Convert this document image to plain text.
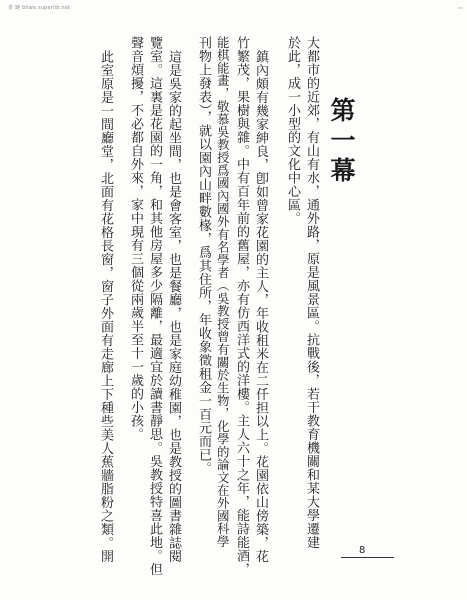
書 鏈 bhwx.superlib.net	··
第一幕
大都市的近郊，有山有水，通外路，原是風景區。抗戰後，若干教育機關和某大學遷建
於此，成一小型的文化中心區。
鎮內頗有幾家紳良，卽如曾家花園的主人，年收租米在二仟担以上。花園依山傍築，花
竹繁茂，果樹與雜。中有百年前的舊屋，亦有仿西洋式的洋樓。主人六十之年，能詩能酒，
能棋能畫，敬慕吳教授爲國內國外有名學者（吳教授曾有關於生物，化學的論文在外國科學
刊物上發表），就以園內山畔數椽，爲其住所，年收象徵租金一百元而已。
這是吳家的起坐間，也是會客室，也是餐廳，也是家庭幼稚園，也是教授的圖書雜誌閱
覽室。這裏是花園的一角，和其他房屋多少隔離，最適宜於讀書靜思。吳教授特喜此地。但
聲音煩擾，不必都自外來，家中現有三個從兩歲半至十一歲的小孩。
此室原是一間廳堂，北面有花格長窗，窗子外面有走廊上下種些美人蕉牆脂粉之類。開	8
